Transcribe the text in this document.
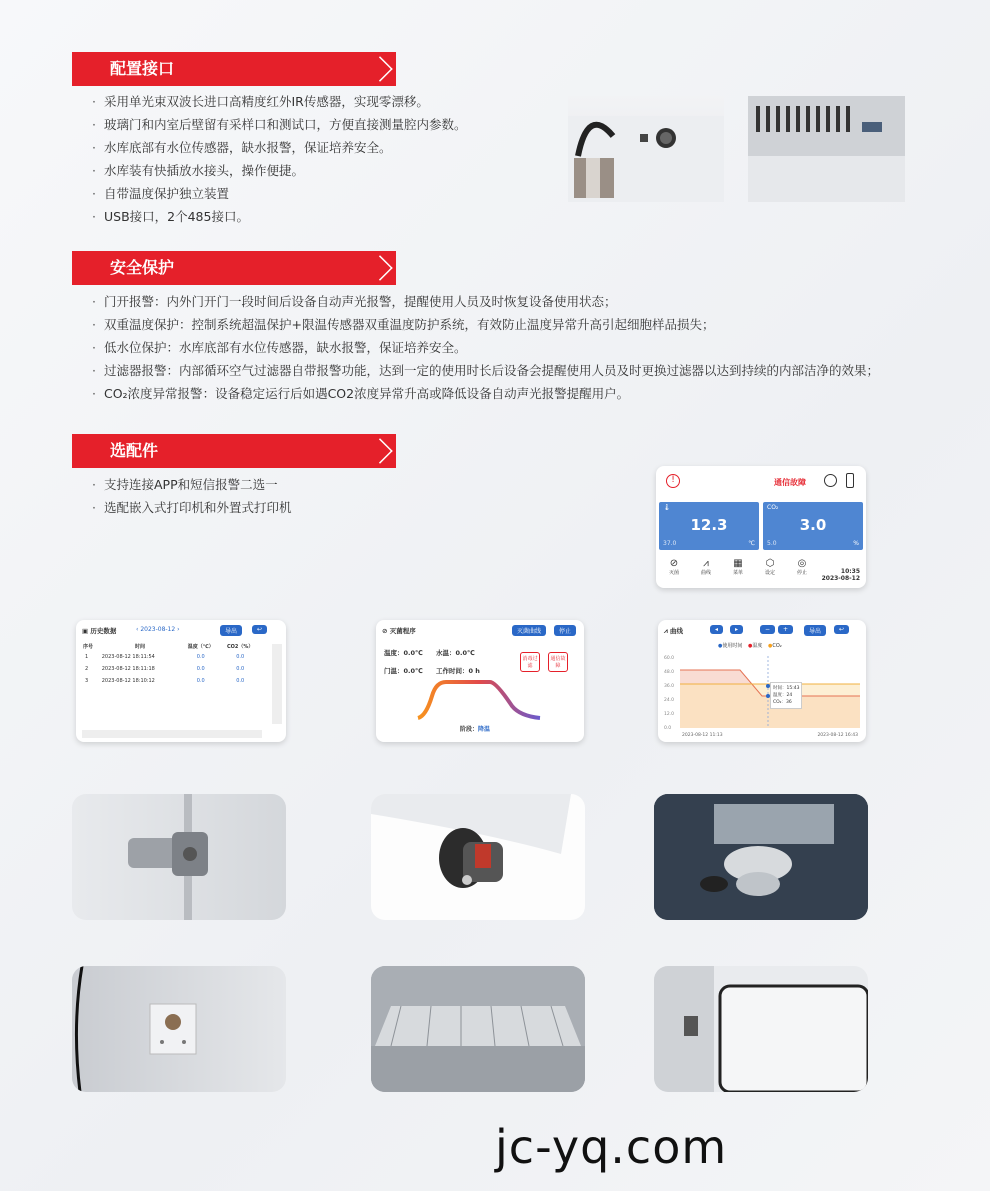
配置接口
· 采用单光束双波长进口高精度红外IR传感器，实现零漂移。
· 玻璃门和内室后壁留有采样口和测试口，方便直接测量腔内参数。
· 水库底部有水位传感器，缺水报警，保证培养安全。
· 水库装有快插放水接头，操作便捷。
· 自带温度保护独立装置
· USB接口，2个485接口。
安全保护
· 门开报警：内外门开门一段时间后设备自动声光报警，提醒使用人员及时恢复设备使用状态；
· 双重温度保护：控制系统超温保护+限温传感器双重温度防护系统，有效防止温度异常升高引起细胞样品损失；
· 低水位保护：水库底部有水位传感器，缺水报警，保证培养安全。
· 过滤器报警：内部循环空气过滤器自带报警功能，达到一定的使用时长后设备会提醒使用人员及时更换过滤器以达到持续的内部洁净的效果；
· CO₂浓度异常报警：设备稳定运行后如遇CO2浓度异常升高或降低设备自动声光报警提醒用户。
选配件
· 支持连接APP和短信报警二选一
· 选配嵌入式打印机和外置式打印机
!	通信故障
🌡
12.3
37.0	℃
CO₂
3.0
5.0	%
⊘
灭菌
⩘
曲线
▦
菜单
⬡
设定
◎
停止	10:35
2023-08-12
▣ 历史数据	‹ 2023-08-12 ›	导出	↩
序号	时间	温度（℃）	CO2（%）
1	2023-08-12 18:11:54	0.0	0.0
2	2023-08-12 18:11:18	0.0	0.0
3	2023-08-12 18:10:12	0.0	0.0
⊘ 灭菌程序	灭菌曲线	停止
温度：0.0℃ 水温：0.0℃
门温：0.0℃ 工作时间：0 h
消毒过滤
通信故障
阶段：降温
⩘ 曲线	◂	▸	−	+	导出	↩
●使用时间 ●温度 ●CO₂
60.0
48.0
36.0
24.0
12.0
0.0
时间：15:43
温度：24
CO₂：36
2023-08-12 11:13	2023-08-12 16:43
jc-yq.com
